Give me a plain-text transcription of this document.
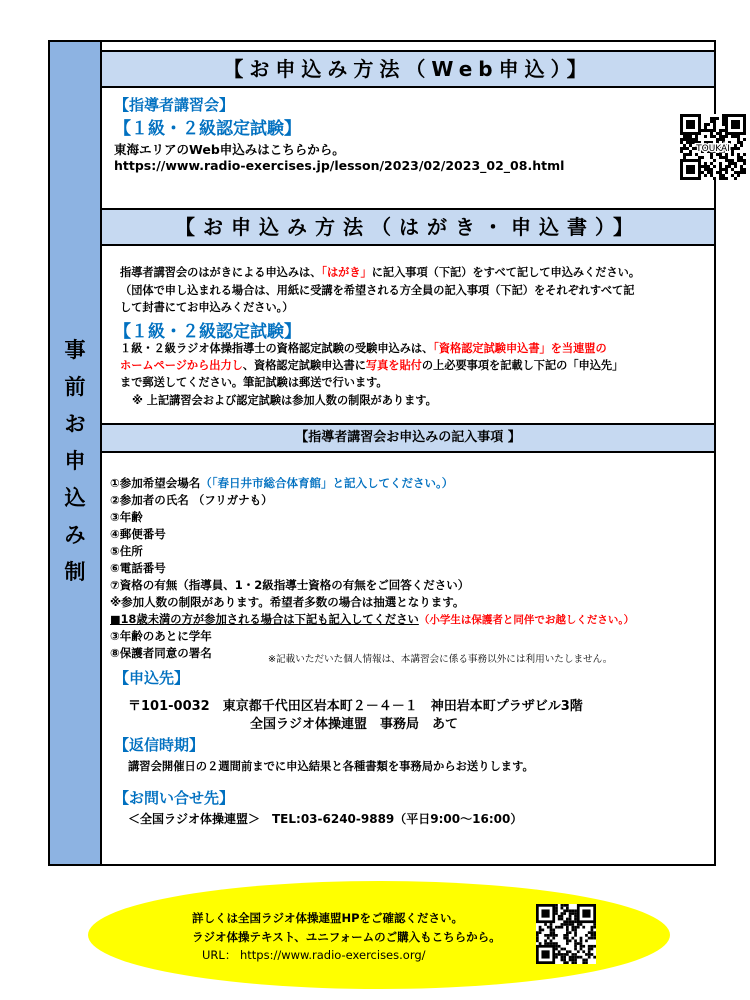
事
前
お
申
込
み
制
【お申込み方法（Web申込）】
【指導者講習会】
【１級・２級認定試験】
東海エリアのWeb申込みはこちらから。
https://www.radio-exercises.jp/lesson/2023/02/2023_02_08.html
TOUKAI
【お申込み方法（はがき・申込書）】
指導者講習会のはがきによる申込みは、「はがき」に記入事項（下記）をすべて記して申込みください。
（団体で申し込まれる場合は、用紙に受講を希望される方全員の記入事項（下記）をそれぞれすべて記
して封書にてお申込みください。）
【１級・２級認定試験】
１級・２級ラジオ体操指導士の資格認定試験の受験申込みは、「資格認定試験申込書」を当連盟の
ホームページから出力し、資格認定試験申込書に写真を貼付の上必要事項を記載し下記の「申込先」
まで郵送してください。筆記試験は郵送で行います。
※ 上記講習会および認定試験は参加人数の制限があります。
【指導者講習会お申込みの記入事項 】
①参加希望会場名（「春日井市総合体育館」と記入してください。）
②参加者の氏名 （フリガナも）
③年齢
④郵便番号
⑤住所
⑥電話番号
⑦資格の有無（指導員、1・2級指導士資格の有無をご回答ください）
※参加人数の制限があります。希望者多数の場合は抽選となります。
■18歳未満の方が参加される場合は下記も記入してください（小学生は保護者と同伴でお越しください。）
③年齢のあとに学年
⑧保護者同意の署名	※記載いただいた個人情報は、本講習会に係る事務以外には利用いたしません。
【申込先】
〒101-0032　東京都千代田区岩本町２－４－１　神田岩本町プラザビル3階
全国ラジオ体操連盟　事務局　あて
【返信時期】
講習会開催日の２週間前までに申込結果と各種書類を事務局からお送りします。
【お問い合せ先】
＜全国ラジオ体操連盟＞　TEL:03-6240-9889（平日9:00～16:00）
詳しくは全国ラジオ体操連盟HPをご確認ください。
ラジオ体操テキスト、ユニフォームのご購入もこちらから。
URL： https://www.radio-exercises.org/
